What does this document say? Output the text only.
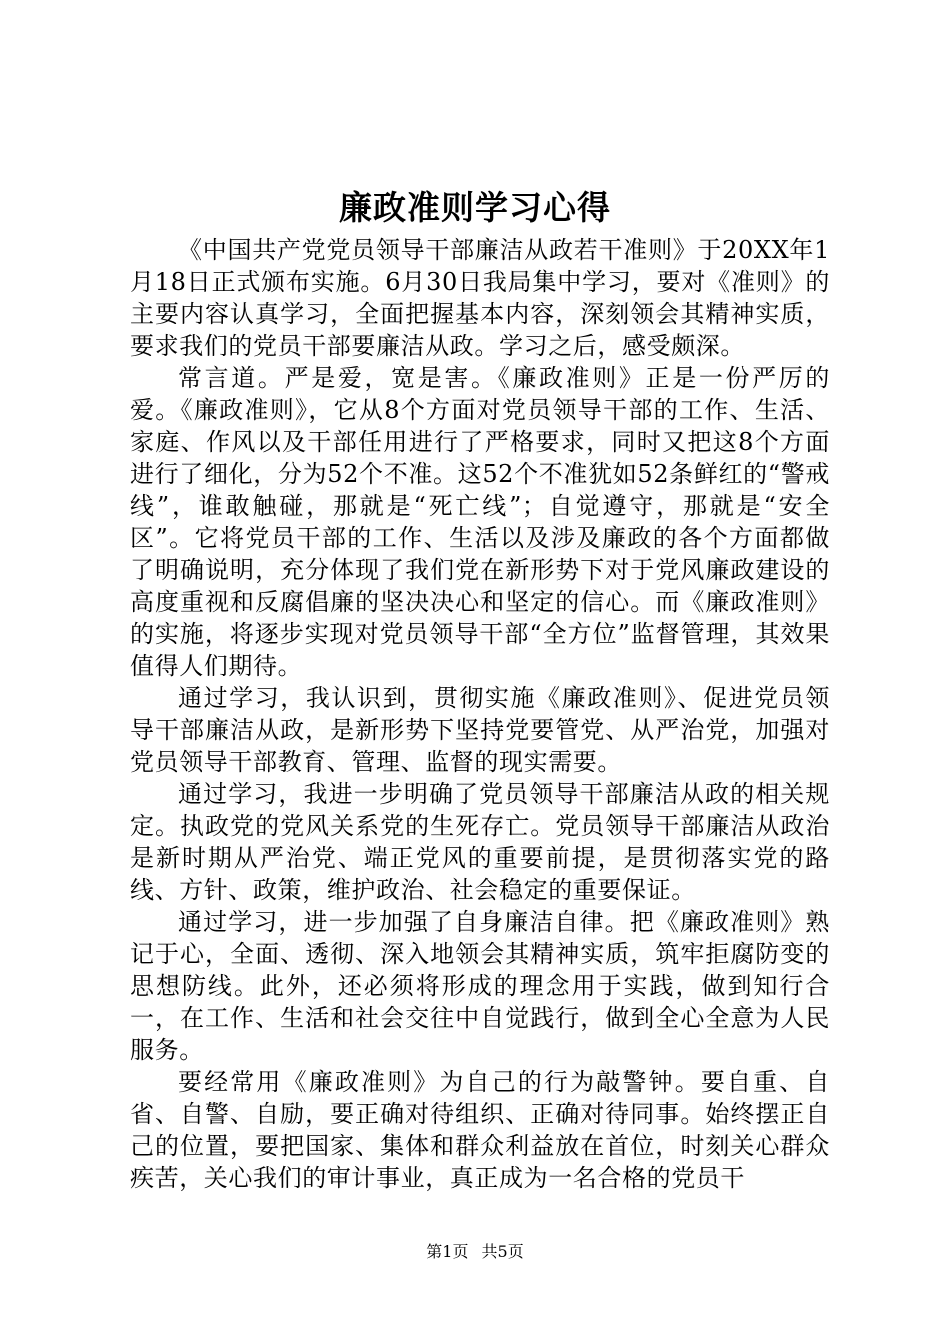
廉政准则学习心得

《中国共产党党员领导干部廉洁从政若干准则》于20XX年1月18日正式颁布实施。6月30日我局集中学习，要对《准则》的主要内容认真学习，全面把握基本内容，深刻领会其精神实质，要求我们的党员干部要廉洁从政。学习之后，感受颇深。

常言道。严是爱，宽是害。《廉政准则》正是一份严厉的爱。《廉政准则》，它从8个方面对党员领导干部的工作、生活、家庭、作风以及干部任用进行了严格要求，同时又把这8个方面进行了细化，分为52个不准。这52个不准犹如52条鲜红的“警戒线”，谁敢触碰，那就是“死亡线”；自觉遵守，那就是“安全区”。它将党员干部的工作、生活以及涉及廉政的各个方面都做了明确说明，充分体现了我们党在新形势下对于党风廉政建设的高度重视和反腐倡廉的坚决决心和坚定的信心。而《廉政准则》的实施，将逐步实现对党员领导干部“全方位”监督管理，其效果值得人们期待。

通过学习，我认识到，贯彻实施《廉政准则》、促进党员领导干部廉洁从政，是新形势下坚持党要管党、从严治党，加强对党员领导干部教育、管理、监督的现实需要。

通过学习，我进一步明确了党员领导干部廉洁从政的相关规定。执政党的党风关系党的生死存亡。党员领导干部廉洁从政治是新时期从严治党、端正党风的重要前提，是贯彻落实党的路线、方针、政策，维护政治、社会稳定的重要保证。

通过学习，进一步加强了自身廉洁自律。把《廉政准则》熟记于心，全面、透彻、深入地领会其精神实质，筑牢拒腐防变的思想防线。此外，还必须将形成的理念用于实践，做到知行合一，在工作、生活和社会交往中自觉践行，做到全心全意为人民服务。

要经常用《廉政准则》为自己的行为敲警钟。要自重、自省、自警、自励，要正确对待组织、正确对待同事。始终摆正自己的位置，要把国家、集体和群众利益放在首位，时刻关心群众疾苦，关心我们的审计事业，真正成为一名合格的党员干

第1页 共5页
